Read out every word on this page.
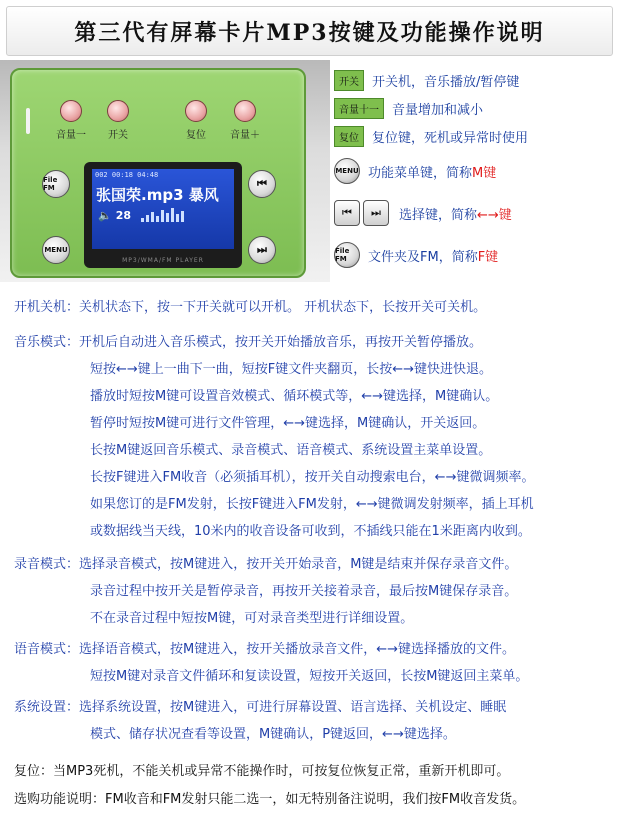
第三代有屏幕卡片MP3按键及功能操作说明
音量一	开关	复位	音量＋
File FM
MENU
⏮
⏭
002 00:18 04:48
张国荣.mp3 暴风
🔈 28
MP3/WMA/FM PLAYER
开关	开关机，音乐播放/暂停键
音量十一	音量增加和减小
复位	复位键，死机或异常时使用
MENU 功能菜单键，简称 M键
⏮	⏭	选择键，简称 ←→键
File FM	文件夹及FM，简称 F键
开机关机：关机状态下，按一下开关就可以开机。 开机状态下，长按开关可关机。
音乐模式：开机后自动进入音乐模式，按开关开始播放音乐，再按开关暂停播放。
短按←→键上一曲下一曲，短按F键文件夹翻页，长按←→键快进快退。
播放时短按M键可设置音效模式、循环模式等，←→键选择，M键确认。
暂停时短按M键可进行文件管理，←→键选择，M键确认，开关返回。
长按M键返回音乐模式、录音模式、语音模式、系统设置主菜单设置。
长按F键进入FM收音（必须插耳机），按开关自动搜索电台，←→键微调频率。
如果您订的是FM发射，长按F键进入FM发射，←→键微调发射频率，插上耳机
或数据线当天线，10米内的收音设备可收到，不插线只能在1米距离内收到。
录音模式：选择录音模式，按M键进入，按开关开始录音，M键是结束并保存录音文件。
录音过程中按开关是暂停录音，再按开关接着录音，最后按M键保存录音。
不在录音过程中短按M键，可对录音类型进行详细设置。
语音模式：选择语音模式，按M键进入，按开关播放录音文件，←→键选择播放的文件。
短按M键对录音文件循环和复读设置，短按开关返回，长按M键返回主菜单。
系统设置：选择系统设置，按M键进入，可进行屏幕设置、语言选择、关机设定、睡眠
模式、储存状况查看等设置，M键确认，P键返回，←→键选择。
复位：当MP3死机，不能关机或异常不能操作时，可按复位恢复正常，重新开机即可。
选购功能说明：FM收音和FM发射只能二选一，如无特别备注说明，我们按FM收音发货。
